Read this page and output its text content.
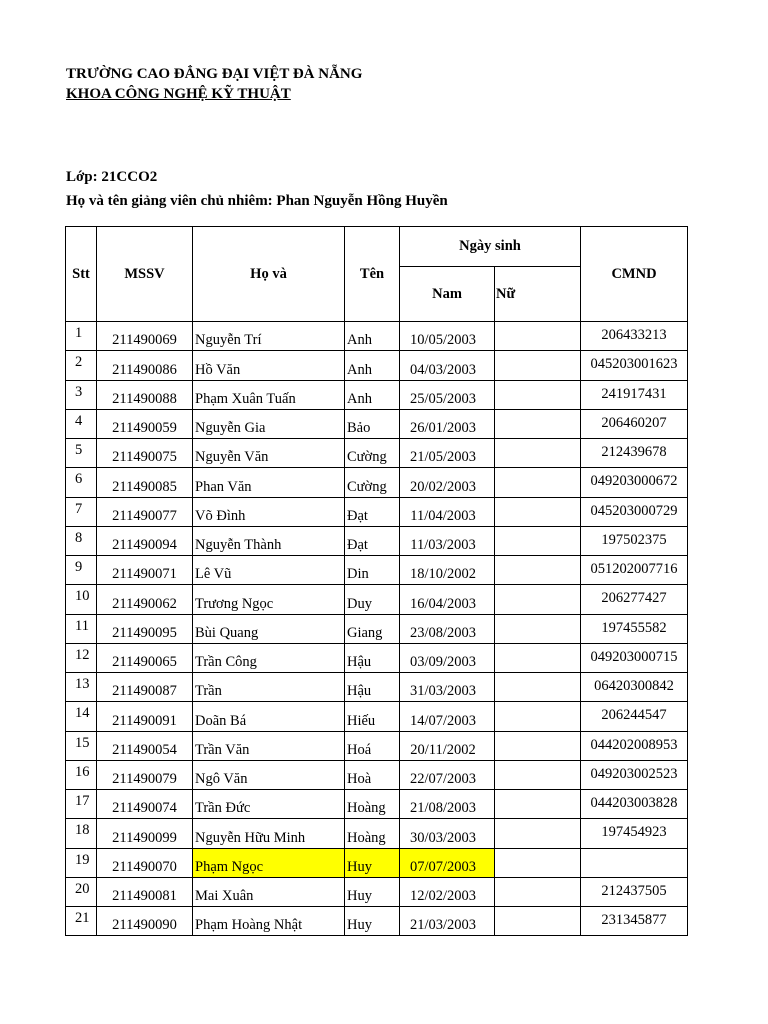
TRƯỜNG CAO ĐẲNG ĐẠI VIỆT ĐÀ NẴNG
KHOA CÔNG NGHỆ KỸ THUẬT
Lớp: 21CCO2
Họ và tên giảng viên chủ nhiêm: Phan Nguyễn Hồng Huyền
Stt	MSSV	Họ và	Tên	Ngày sinh		CMND
				Nam	Nữ	
1	211490069	Nguyễn Trí	Anh	10/05/2003		206433213
2	211490086	Hồ Văn	Anh	04/03/2003		045203001623
3	211490088	Phạm Xuân Tuấn	Anh	25/05/2003		241917431
4	211490059	Nguyễn Gia	Bảo	26/01/2003		206460207
5	211490075	Nguyễn Văn	Cường	21/05/2003		212439678
6	211490085	Phan Văn	Cường	20/02/2003		049203000672
7	211490077	Võ Đình	Đạt	11/04/2003		045203000729
8	211490094	Nguyễn Thành	Đạt	11/03/2003		197502375
9	211490071	Lê Vũ	Din	18/10/2002		051202007716
10	211490062	Trương Ngọc	Duy	16/04/2003		206277427
11	211490095	Bùi Quang	Giang	23/08/2003		197455582
12	211490065	Trần Công	Hậu	03/09/2003		049203000715
13	211490087	Trần	Hậu	31/03/2003		06420300842
14	211490091	Doãn Bá	Hiếu	14/07/2003		206244547
15	211490054	Trần Văn	Hoá	20/11/2002		044202008953
16	211490079	Ngô Văn	Hoà	22/07/2003		049203002523
17	211490074	Trần Đức	Hoàng	21/08/2003		044203003828
18	211490099	Nguyễn Hữu Minh	Hoàng	30/03/2003		197454923
19	211490070	Phạm Ngọc	Huy	07/07/2003		
20	211490081	Mai Xuân	Huy	12/02/2003		212437505
21	211490090	Phạm Hoàng Nhật	Huy	21/03/2003		231345877
